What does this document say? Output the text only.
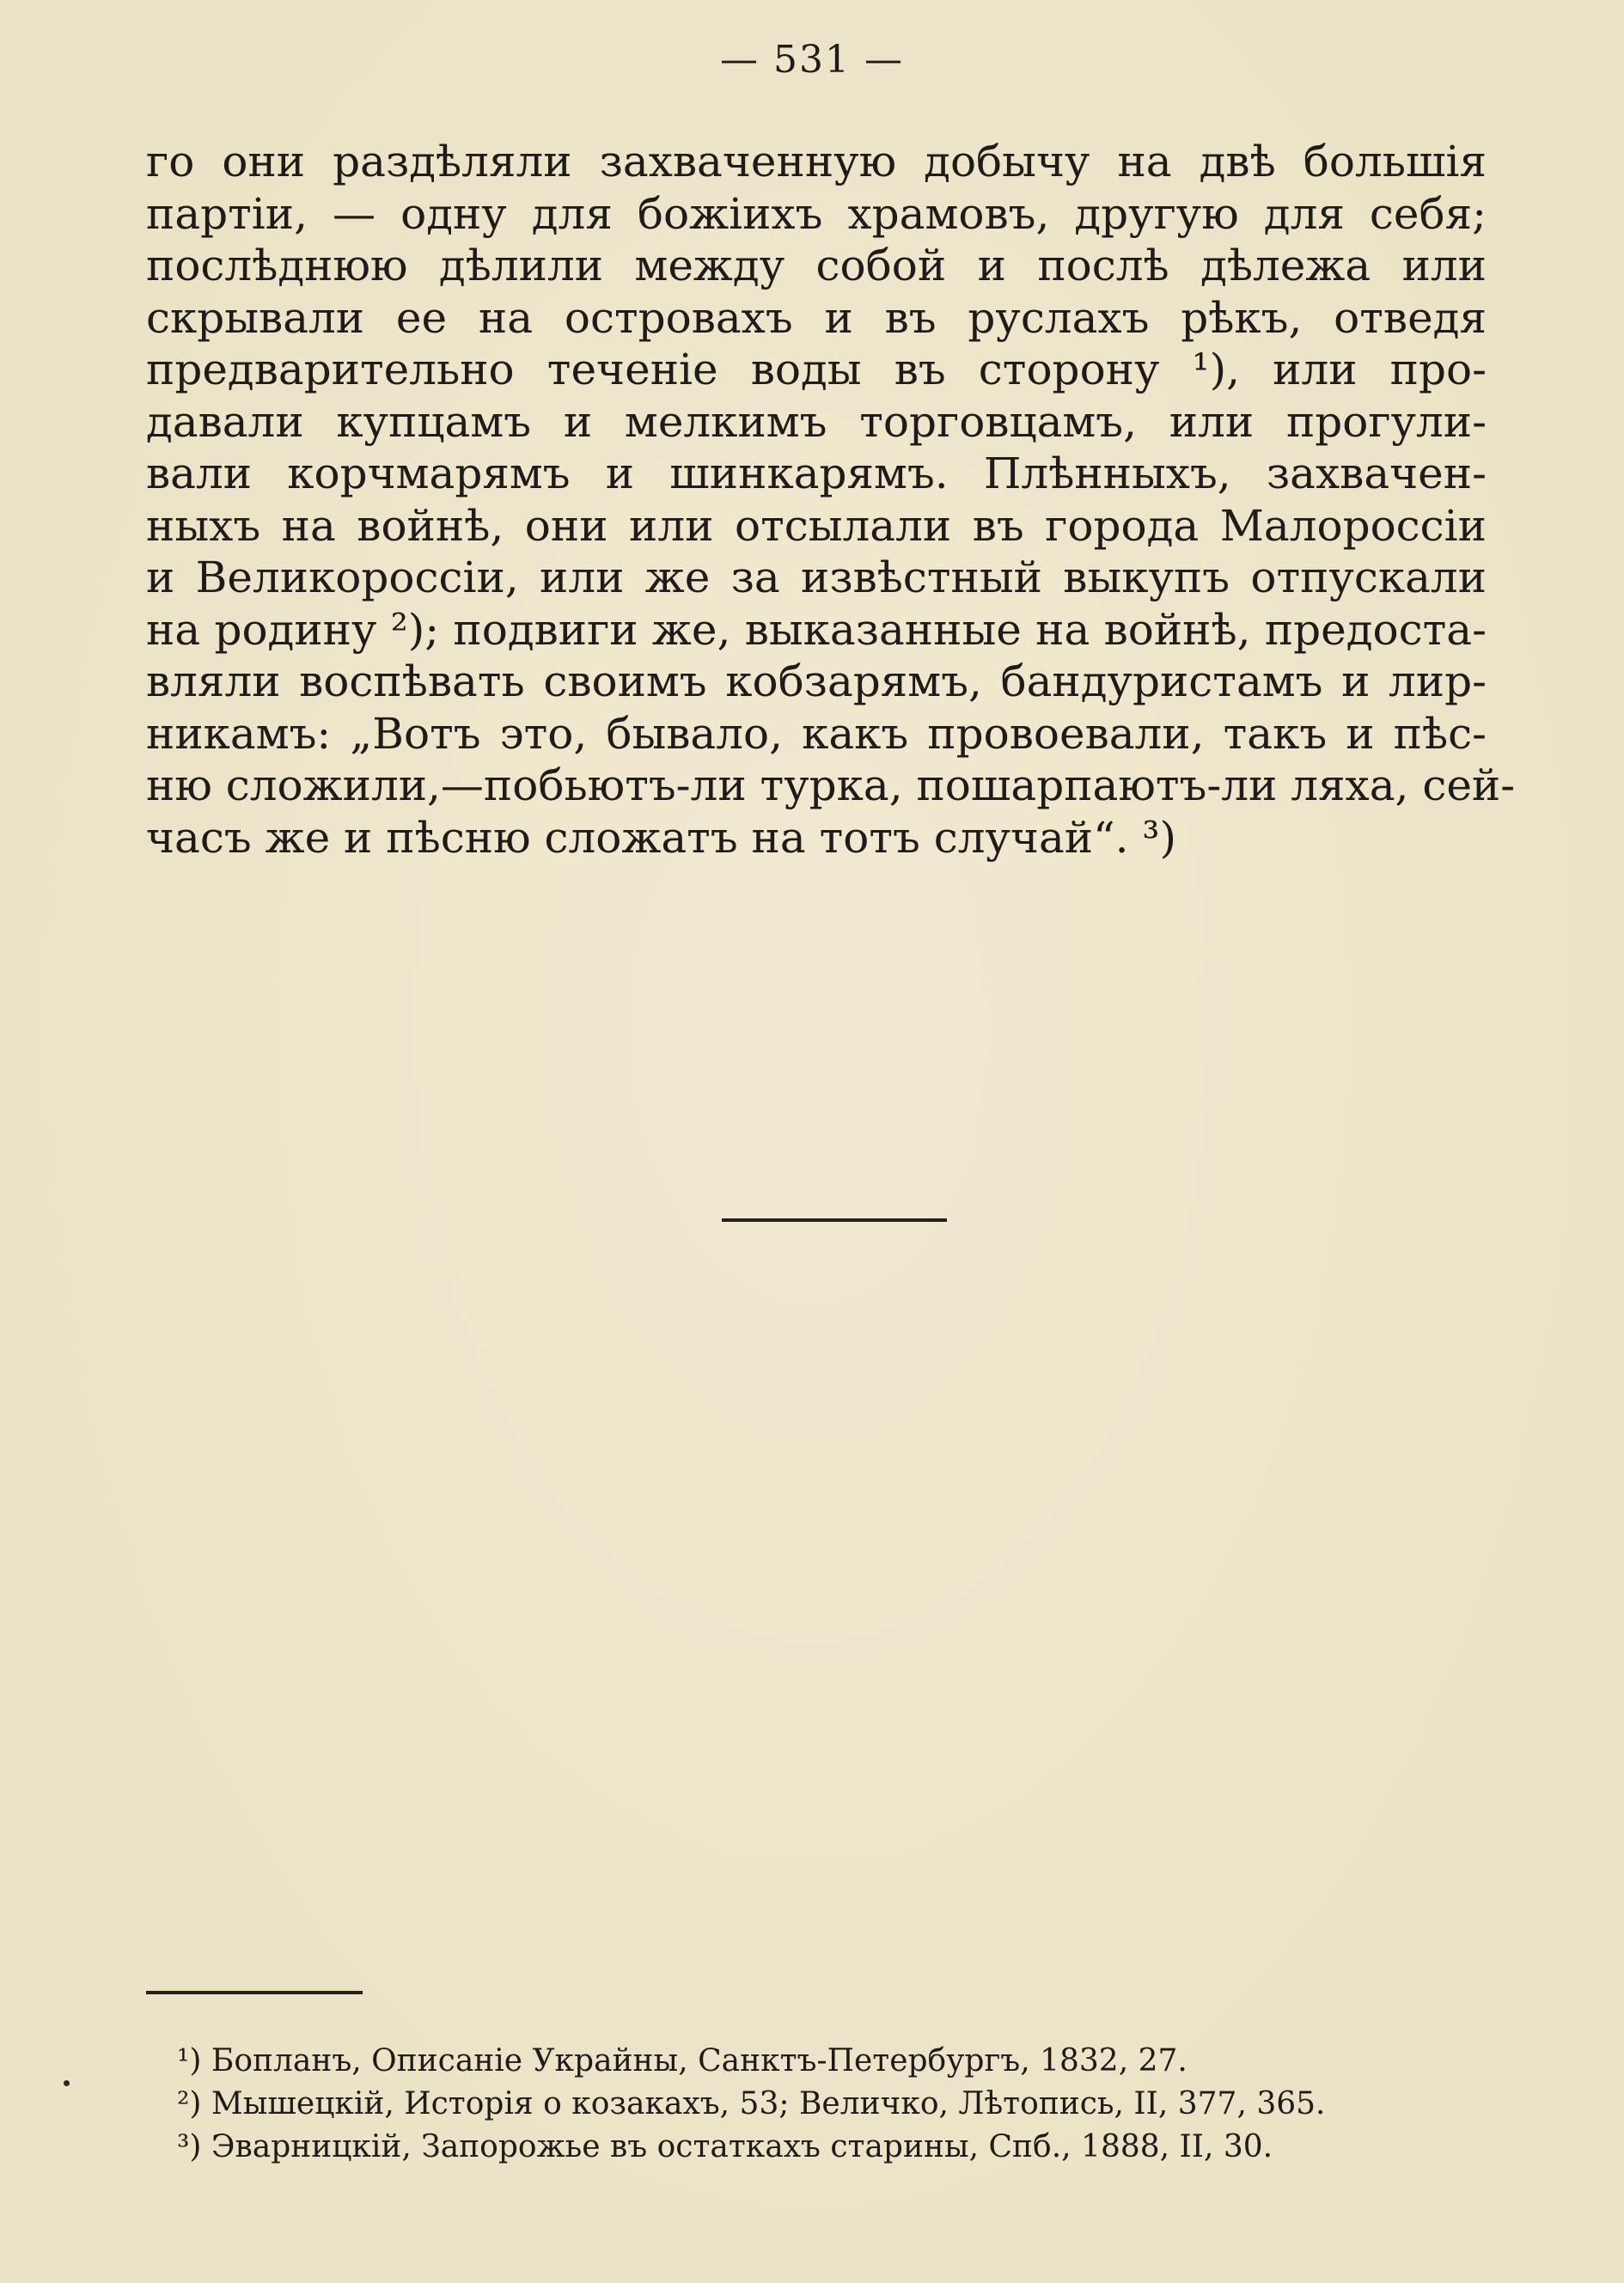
— 531 —
го они раздѣляли захваченную добычу на двѣ большія
партіи, — одну для божіихъ храмовъ, другую для себя;
послѣднюю дѣлили между собой и послѣ дѣлежа или
скрывали ее на островахъ и въ руслахъ рѣкъ, отведя
предварительно теченіе воды въ сторону ¹), или про-
давали купцамъ и мелкимъ торговцамъ, или прогули-
вали корчмарямъ и шинкарямъ. Плѣнныхъ, захвачен-
ныхъ на войнѣ, они или отсылали въ города Малороссіи
и Великороссіи, или же за извѣстный выкупъ отпускали
на родину ²); подвиги же, выказанные на войнѣ, предоста-
вляли воспѣвать своимъ кобзарямъ, бандуристамъ и лир-
никамъ: „Вотъ это, бывало, какъ провоевали, такъ и пѣс-
ню сложили,—побьютъ-ли турка, пошарпаютъ-ли ляха, сей-
часъ же и пѣсню сложатъ на тотъ случай“. ³)
¹) Бопланъ, Описаніе Украйны, Санктъ-Петербургъ, 1832, 27.
²) Мышецкій, Исторія о козакахъ, 53; Величко, Лѣтопись, II, 377, 365.
³) Эварницкій, Запорожье въ остаткахъ старины, Спб., 1888, II, 30.
